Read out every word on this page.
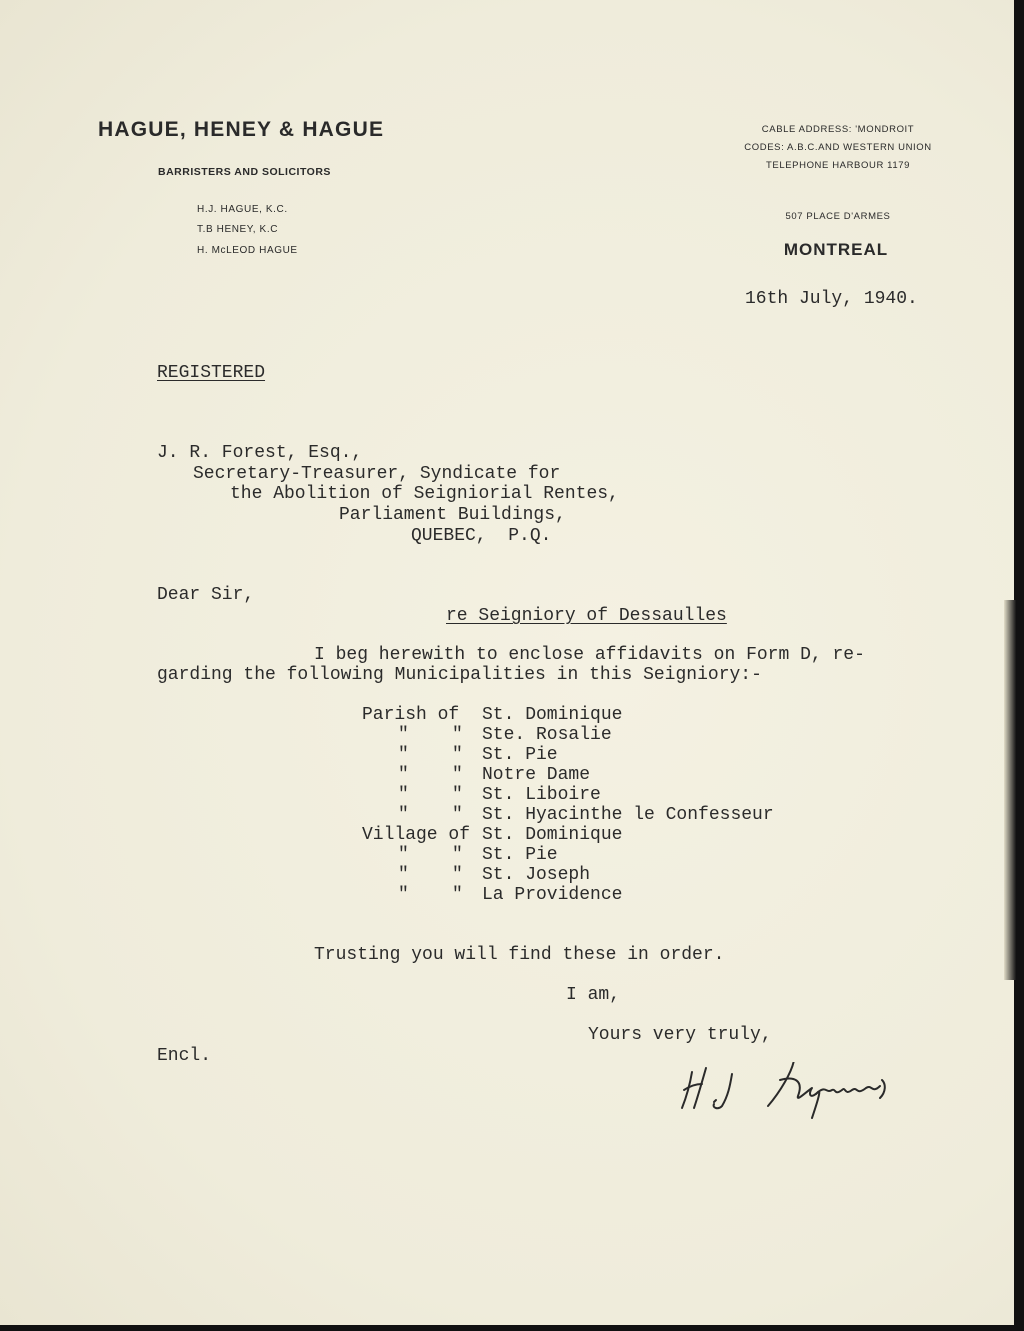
HAGUE, HENEY & HAGUE
BARRISTERS AND SOLICITORS
H.J. HAGUE, K.C.
T.B HENEY, K.C
H. McLEOD HAGUE
CABLE ADDRESS: 'MONDROIT
CODES: A.B.C.AND WESTERN UNION
TELEPHONE HARBOUR 1179
507 PLACE D'ARMES
MONTREAL
16th July, 1940.
REGISTERED
J. R. Forest, Esq.,
Secretary-Treasurer, Syndicate for
the Abolition of Seigniorial Rentes,
Parliament Buildings,
QUEBEC,  P.Q.
Dear Sir,
re Seigniory of Dessaulles
I beg herewith to enclose affidavits on Form D, re-
garding the following Municipalities in this Seigniory:-
Parish of St. Dominique
"    " Ste. Rosalie
"    " St. Pie
"    " Notre Dame
"    " St. Liboire
"    " St. Hyacinthe le Confesseur
Village of St. Dominique
"    " St. Pie
"    " St. Joseph
"    " La Providence
Trusting you will find these in order.
I am,
Yours very truly,
Encl.
